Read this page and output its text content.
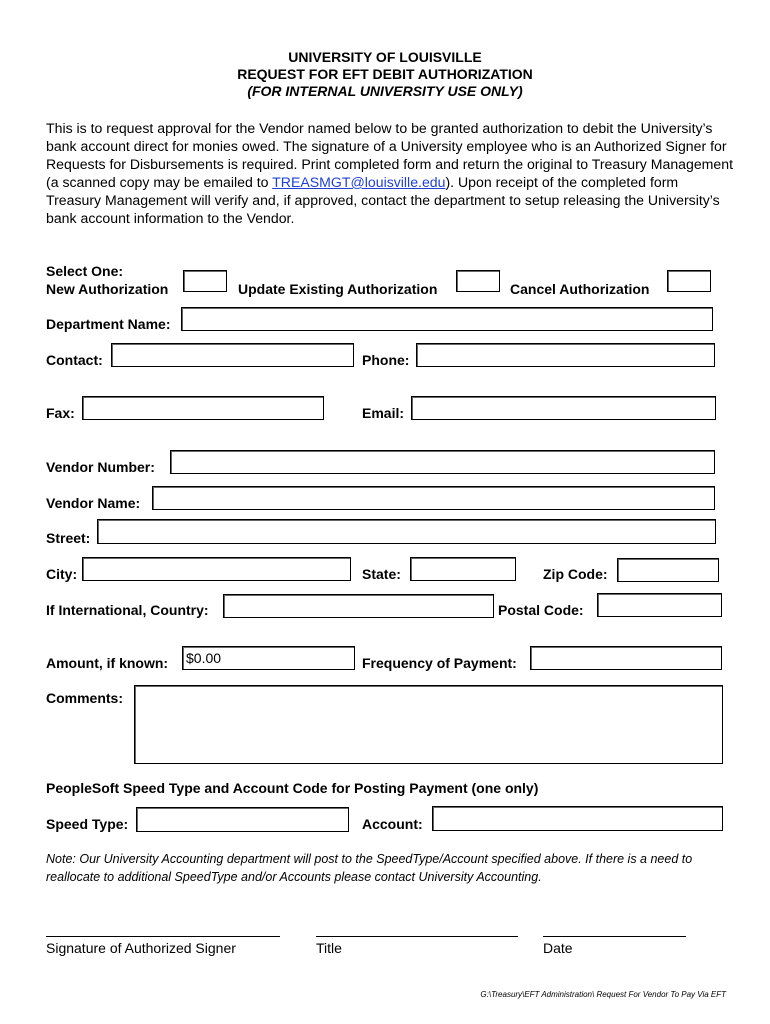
UNIVERSITY OF LOUISVILLE
REQUEST FOR EFT DEBIT AUTHORIZATION
(FOR INTERNAL UNIVERSITY USE ONLY)
This is to request approval for the Vendor named below to be granted authorization to debit the University’s bank account direct for monies owed. The signature of a University employee who is an Authorized Signer for Requests for Disbursements is required. Print completed form and return the original to Treasury Management (a scanned copy may be emailed to TREASMGT@louisville.edu). Upon receipt of the completed form Treasury Management will verify and, if approved, contact the department to setup releasing the University’s bank account information to the Vendor.
Select One:
New Authorization	Update Existing Authorization	Cancel Authorization
Department Name:
Contact:	Phone:
Fax:	Email:
Vendor Number:
Vendor Name:
Street:
City:	State:	Zip Code:
If International, Country:	Postal Code:
Amount, if known: $0.00	Frequency of Payment:
Comments:
PeopleSoft Speed Type and Account Code for Posting Payment (one only)
Speed Type:	Account:
Note: Our University Accounting department will post to the SpeedType/Account specified above. If there is a need to reallocate to additional SpeedType and/or Accounts please contact University Accounting.
Signature of Authorized Signer	Title	Date
G:\Treasury\EFT Administration\ Request For Vendor To Pay Via EFT
